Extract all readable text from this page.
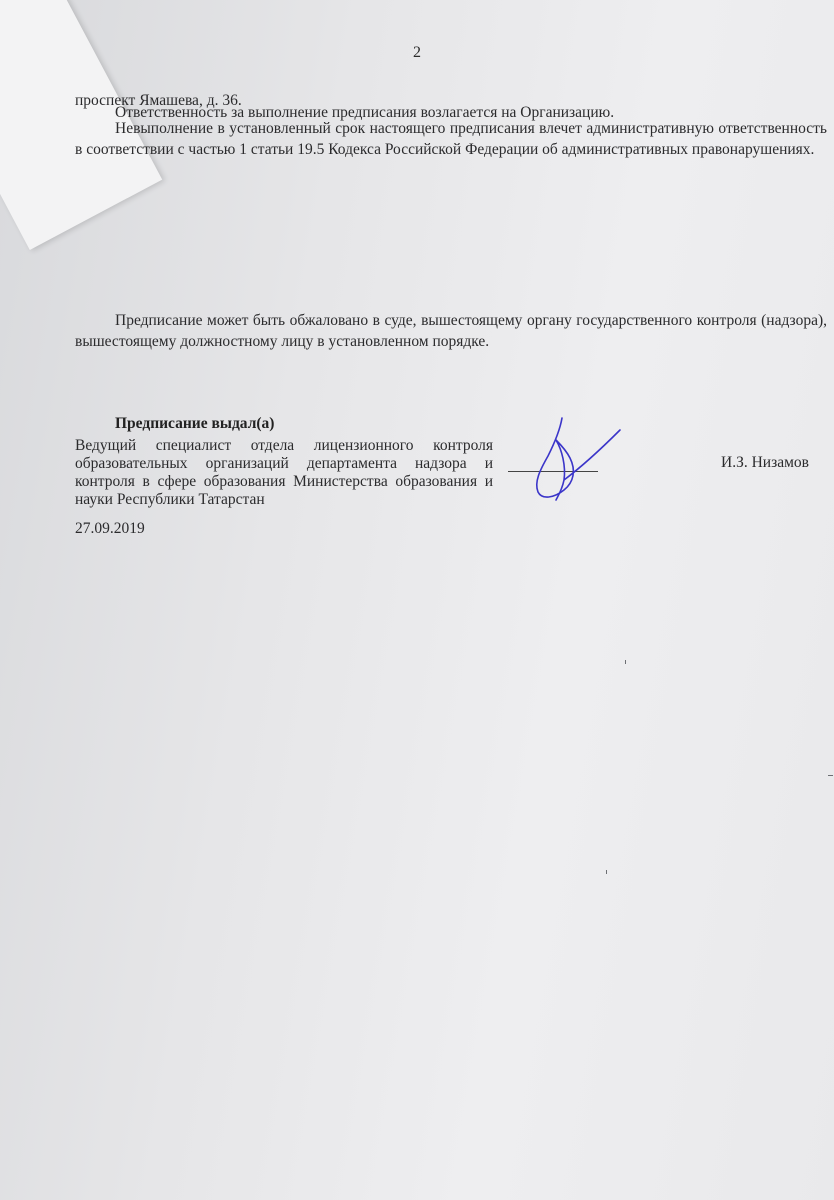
2
проспект Ямашева, д. 36.
Ответственность за выполнение предписания возлагается на Организацию.
Невыполнение в установленный срок настоящего предписания влечет административную ответственность в соответствии с частью 1 статьи 19.5 Кодекса Российской Федерации об административных правонарушениях.
Предписание может быть обжаловано в суде, вышестоящему органу государственного контроля (надзора), вышестоящему должностному лицу в установленном порядке.
Предписание выдал(а)
Ведущий специалист отдела лицензионного контроля образовательных организаций департамента надзора и контроля в сфере образования Министерства образования и науки Республики Татарстан
27.09.2019
И.З. Низамов
